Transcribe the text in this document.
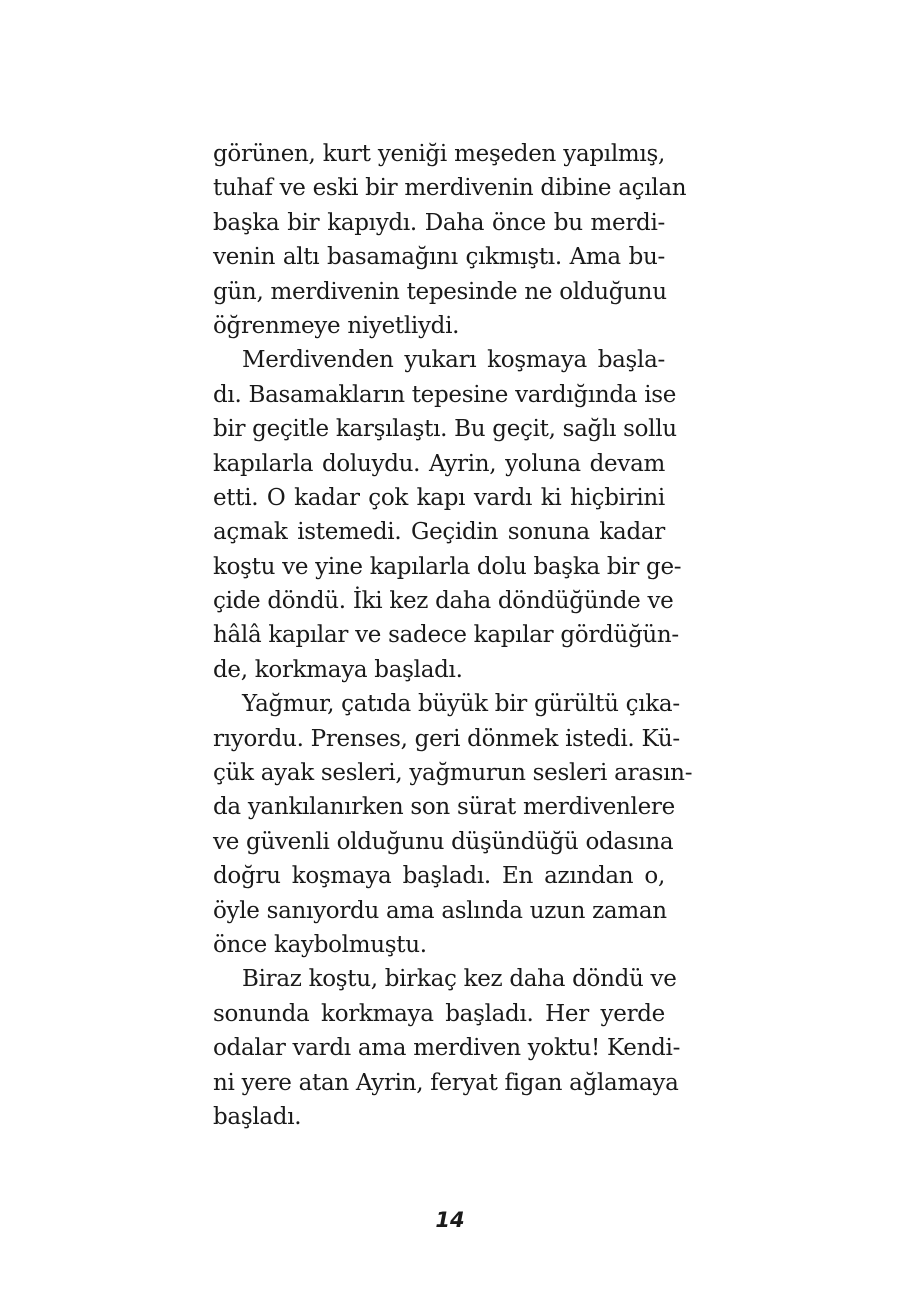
görünen, kurt yeniği meşeden yapılmış,
tuhaf ve eski bir merdivenin dibine açılan
başka bir kapıydı. Daha önce bu merdi-
venin altı basamağını çıkmıştı. Ama bu-
gün, merdivenin tepesinde ne olduğunu
öğrenmeye niyetliydi.
Merdivenden yukarı koşmaya başla-
dı. Basamakların tepesine vardığında ise
bir geçitle karşılaştı. Bu geçit, sağlı sollu
kapılarla doluydu. Ayrin, yoluna devam
etti. O kadar çok kapı vardı ki hiçbirini
açmak istemedi. Geçidin sonuna kadar
koştu ve yine kapılarla dolu başka bir ge-
çide döndü. İki kez daha döndüğünde ve
hâlâ kapılar ve sadece kapılar gördüğün-
de, korkmaya başladı.
Yağmur, çatıda büyük bir gürültü çıka-
rıyordu. Prenses, geri dönmek istedi. Kü-
çük ayak sesleri, yağmurun sesleri arasın-
da yankılanırken son sürat merdivenlere
ve güvenli olduğunu düşündüğü odasına
doğru koşmaya başladı. En azından o,
öyle sanıyordu ama aslında uzun zaman
önce kaybolmuştu.
Biraz koştu, birkaç kez daha döndü ve
sonunda korkmaya başladı. Her yerde
odalar vardı ama merdiven yoktu! Kendi-
ni yere atan Ayrin, feryat figan ağlamaya
başladı.
14
